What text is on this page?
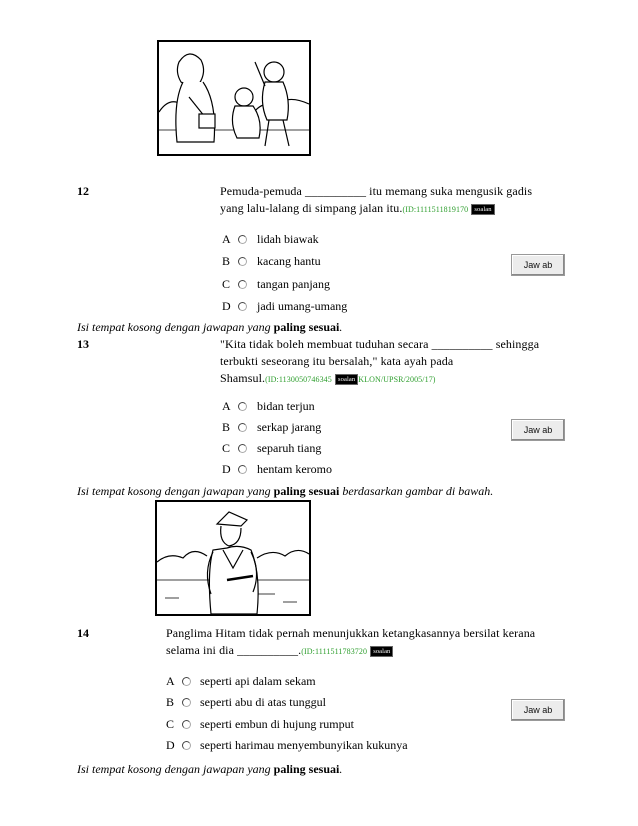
12	Pemuda-pemuda __________ itu memang suka mengusik gadis
yang lalu-lalang di simpang jalan itu.(ID:1111511819170 soalan
A lidah biawak
B kacang hantu
C tangan panjang
D jadi umang-umang
Jaw ab
Isi tempat kosong dengan jawapan yang paling sesuai.
13	"Kita tidak boleh membuat tuduhan secara __________ sehingga
terbukti seseorang itu bersalah," kata ayah pada
Shamsul.(ID:1130050746345 soalan KLON/UPSR/2005/17)
A bidan terjun
B serkap jarang
C separuh tiang
D hentam keromo
Jaw ab
Isi tempat kosong dengan jawapan yang paling sesuai berdasarkan gambar di bawah.
14	Panglima Hitam tidak pernah menunjukkan ketangkasannya bersilat kerana
selama ini dia __________.(ID:1111511783720 soalan
A seperti api dalam sekam
B seperti abu di atas tunggul
C seperti embun di hujung rumput
D seperti harimau menyembunyikan kukunya
Jaw ab
Isi tempat kosong dengan jawapan yang paling sesuai.
